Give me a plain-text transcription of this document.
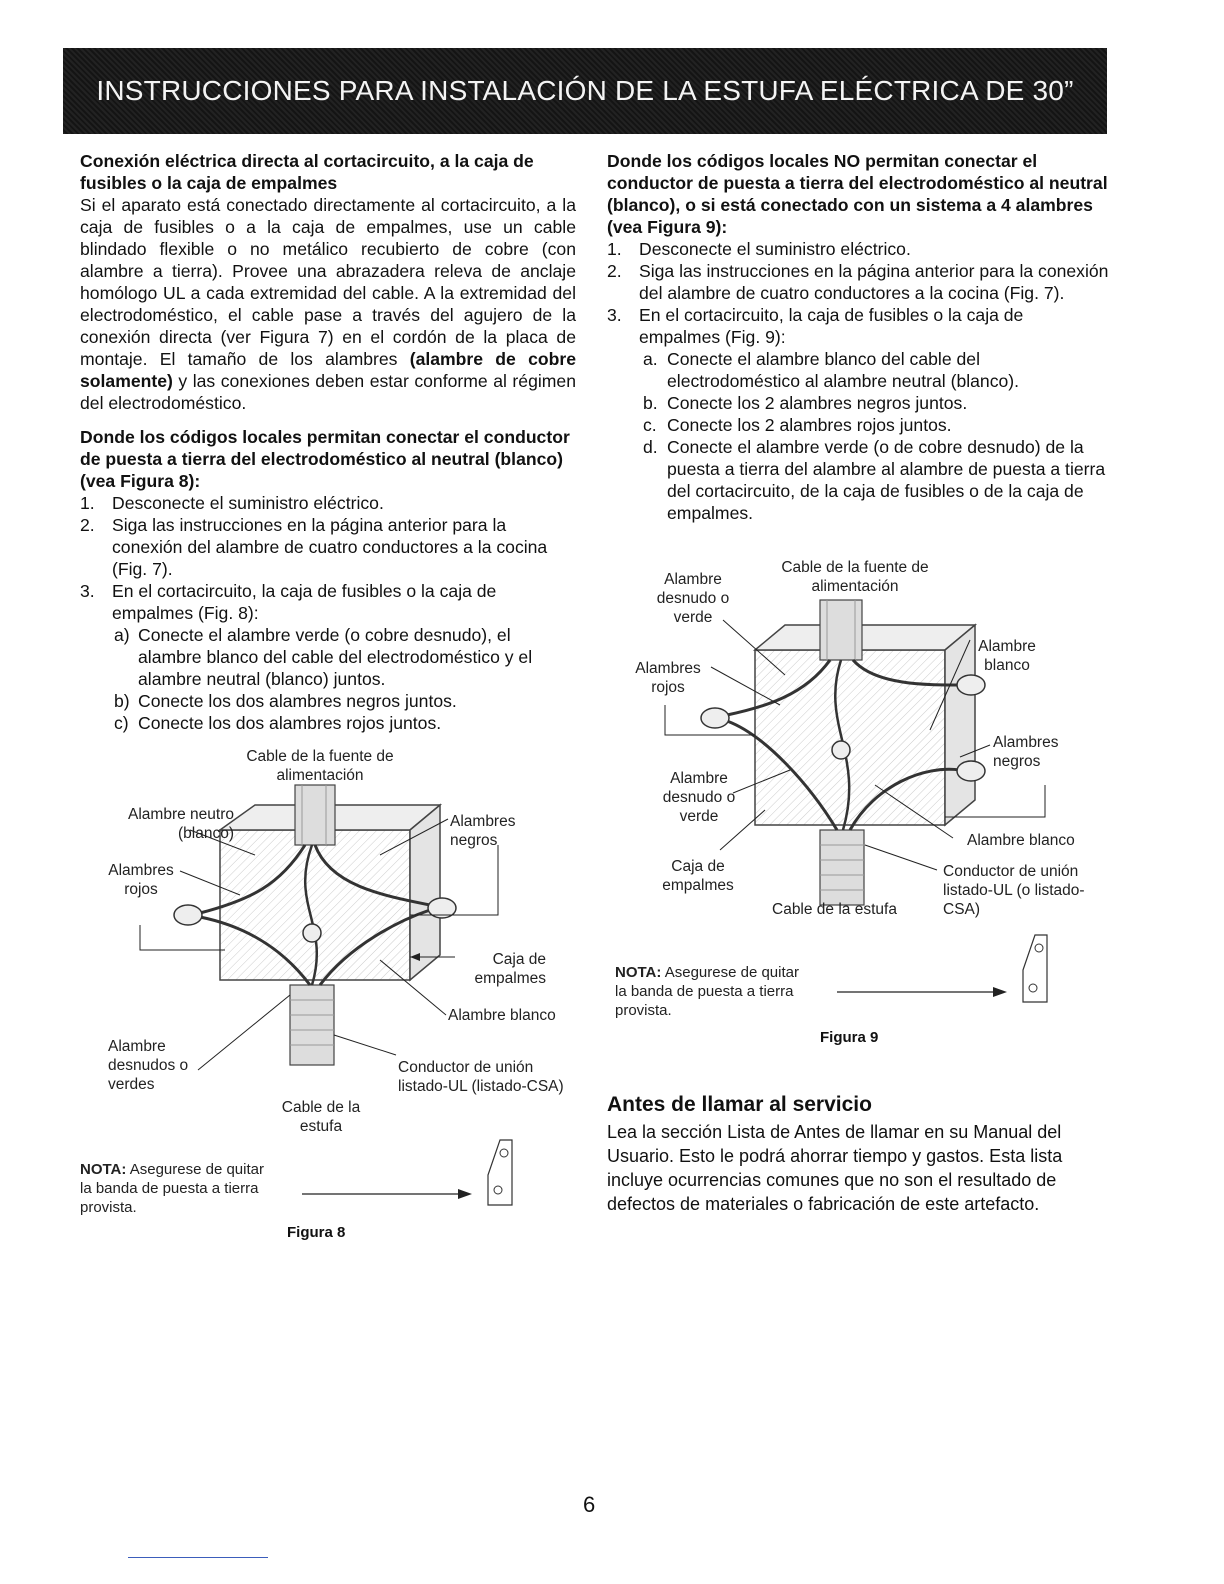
INSTRUCCIONES PARA INSTALACIÓN DE LA ESTUFA ELÉCTRICA DE 30”

Conexión eléctrica directa al cortacircuito, a la caja de fusibles o la caja de empalmes

Si el aparato está conectado directamente al cortacircuito, a la caja de fusibles o a la caja de empalmes, use un cable blindado flexible o no metálico recubierto de cobre (con alambre a tierra). Provee una abrazadera releva de anclaje homólogo UL a cada extremidad del cable. A la extremidad del electrodoméstico, el cable pase a través del agujero de la conexión directa (ver Figura 7) en el cordón de la placa de montaje. El tamaño de los alambres (alambre de cobre solamente) y las conexiones deben estar conforme al régimen del electrodoméstico.

Donde los códigos locales permitan conectar el conductor de puesta a tierra del electrodoméstico al neutral (blanco) (vea Figura 8):

1. Desconecte el suministro eléctrico.
2. Siga las instrucciones en la página anterior para la conexión del alambre de cuatro conductores a la cocina (Fig. 7).
3. En el cortacircuito, la caja de fusibles o la caja de empalmes (Fig. 8):
a) Conecte el alambre verde (o cobre desnudo), el alambre blanco del cable del electrodoméstico y el alambre neutral (blanco) juntos.
b) Conecte los dos alambres negros juntos.
c) Conecte los dos alambres rojos juntos.
Cable de la fuente de alimentación
Alambre neutro (blanco)
Alambres rojos
Alambres negros
Caja de empalmes
Alambre blanco
Alambre desnudos o verdes
Conductor de unión listado-UL (listado-CSA)
Cable de la estufa
NOTA: Asegurese de quitar
la banda de puesta a tierra
provista.
Figura 8

Donde los códigos locales NO permitan conectar el conductor de puesta a tierra del electrodoméstico al neutral (blanco), o si está conectado con un sistema a 4 alambres (vea Figura 9):

1. Desconecte el suministro eléctrico.
2. Siga las instrucciones en la página anterior para la conexión del alambre de cuatro conductores a la cocina (Fig. 7).
3. En el cortacircuito, la caja de fusibles o la caja de empalmes (Fig. 9):
a. Conecte el alambre blanco del cable del electrodoméstico al alambre neutral (blanco).
b. Conecte los 2 alambres negros juntos.
c. Conecte los 2 alambres rojos juntos.
d. Conecte el alambre verde (o de cobre desnudo) de la puesta a tierra del alambre al alambre de puesta a tierra del cortacircuito, de la caja de fusibles o de la caja de empalmes.
Cable de la fuente de alimentación
Alambre desnudo o verde
Alambre blanco
Alambres rojos
Alambres negros
Alambre desnudo o verde
Alambre blanco
Caja de empalmes
Conductor de unión listado-UL (o listado-CSA)
Cable de la estufa
NOTA: Asegurese de quitar
la banda de puesta a tierra
provista.
Figura 9
Antes de llamar al servicio
Lea la sección Lista de Antes de llamar en su Manual del Usuario. Esto le podrá ahorrar tiempo y gastos. Esta lista incluye ocurrencias comunes que no son el resultado de defectos de materiales o fabricación de este artefacto.
6
